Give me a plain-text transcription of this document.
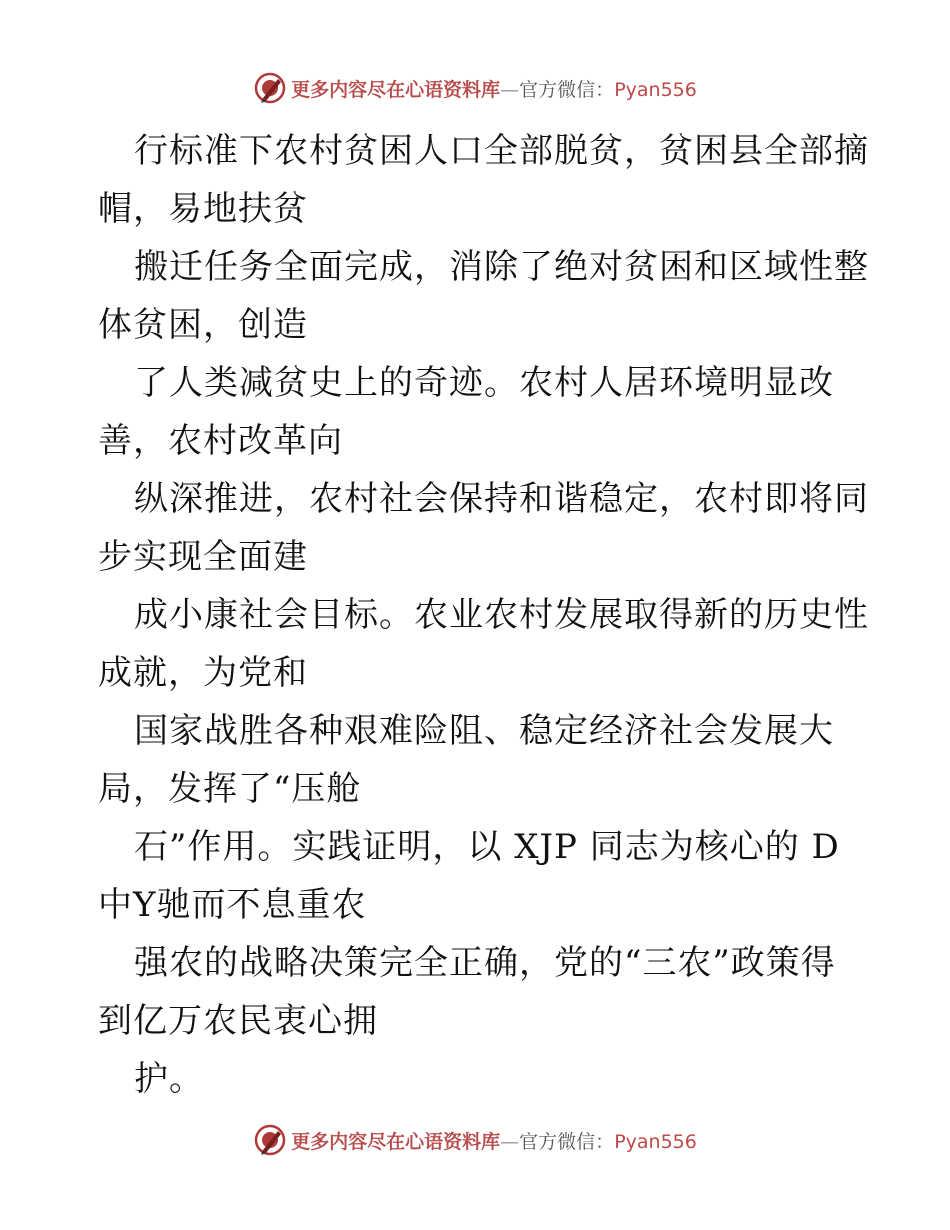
更多内容尽在心语资料库—官方微信：Pyan556
行标准下农村贫困人口全部脱贫，贫困县全部摘
帽，易地扶贫
搬迁任务全面完成，消除了绝对贫困和区域性整
体贫困，创造
了人类减贫史上的奇迹。农村人居环境明显改
善，农村改革向
纵深推进，农村社会保持和谐稳定，农村即将同
步实现全面建
成小康社会目标。农业农村发展取得新的历史性
成就，为党和
国家战胜各种艰难险阻、稳定经济社会发展大
局，发挥了“压舱
石”作用。实践证明，以 XJP 同志为核心的 D
中Y驰而不息重农
强农的战略决策完全正确，党的“三农”政策得
到亿万农民衷心拥
护。
更多内容尽在心语资料库—官方微信：Pyan556
